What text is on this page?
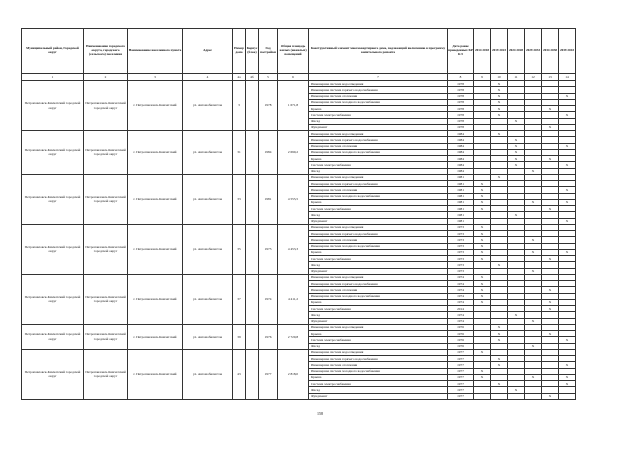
Муниципальный район, Городской округ	Наименование городского округа, городского (сельского) поселения	Наименование населенного пункта	Адрес	Номер дома	Корпус (блок)	Год постройки	Общая площадь жилых (нежилых) помещений	Конструктивный элемент многоквартирного дома, подлежащий включению в программу капитального ремонта	Дата ранее проведенных КР КЭ	2014 2018	2019 2023	2024 2028	2029 2033	2034 2038	2039 2043
1	2	3	4	4а	4б	5	6	7	8	9	10	11	12	13	14
Петропавловск-Камчатский городской округ	Петропавловск-Камчатский городской округ	г. Петропавловск-Камчатский	ул. Автомобилистов	3		1978	1 671,8	Инженерная система водоотведения	1978		X				
								Инженерная система горячего водоснабжения	1978		X				
								Инженерная система отопления	1978		X				X
								Инженерная система холодного водоснабжения	1978		X				
								Крыша	1978		X			X	
								Система электроснабжения	1978		X				X
								Фасад	1978			X			
								Фундамент	1978					X	
Петропавловск-Камчатский городской округ	Петропавловск-Камчатский городской округ	г. Петропавловск-Камчатский	ул. Автомобилистов	31		1984	2 690,2	Инженерная система водоотведения	1984		X				
								Инженерная система горячего водоснабжения	1984			X			
								Инженерная система отопления	1984			X			X
								Инженерная система холодного водоснабжения	1984			X			
								Крыша	1984			X		X	
								Система электроснабжения	1984			X			X
								Фасад	1984				X		
Петропавловск-Камчатский городской округ	Петропавловск-Камчатский городской округ	г. Петропавловск-Камчатский	ул. Автомобилистов	33		1981	4 555,5	Инженерная система водоотведения	1981		X				
								Инженерная система горячего водоснабжения	1981	X					
								Инженерная система отопления	1981	X					X
								Инженерная система холодного водоснабжения	1981	X					
								Крыша	1981	X			X		X
								Система электроснабжения	1981	X				X	
								Фасад	1981			X			
								Фундамент	1981						X
Петропавловск-Камчатский городской округ	Петропавловск-Камчатский городской округ	г. Петропавловск-Камчатский	ул. Автомобилистов	35		1973	4 453,3	Инженерная система водоотведения	1973	X					
								Инженерная система горячего водоснабжения	1973	X					
								Инженерная система отопления	1973	X			X		
								Инженерная система холодного водоснабжения	1973	X					
								Крыша	1973	X			X		X
								Система электроснабжения	1973	X				X	
								Фасад	1973		X				
								Фундамент	1973				X		
Петропавловск-Камчатский городской округ	Петропавловск-Камчатский городской округ	г. Петропавловск-Камчатский	ул. Автомобилистов	37		1974	4 411,2	Инженерная система водоотведения	1974	X					
								Инженерная система горячего водоснабжения	1974	X					
								Инженерная система отопления	1974	X				X	
								Инженерная система холодного водоснабжения	1974	X					
								Крыша	1974	X				X	
								Система электроснабжения	2014					X	
								Фасад	1974			X			
								Фундамент	1974				X		
Петропавловск-Камчатский городской округ	Петропавловск-Камчатский городской округ	г. Петропавловск-Камчатский	ул. Автомобилистов	39		1976	2 720,8	Инженерная система водоотведения	1976		X				
								Крыша	1976		X			X	
								Система электроснабжения	1976		X				X
								Фасад	1976				X		
Петропавловск-Камчатский городской округ	Петропавловск-Камчатский городской округ	г. Петропавловск-Камчатский	ул. Автомобилистов	43		1977	2 818,0	Инженерная система водоотведения	1977	X					
								Инженерная система горячего водоснабжения	1977		X				
								Инженерная система отопления	1977		X				X
								Инженерная система холодного водоснабжения	1977	X					
								Крыша	1977	X			X		X
								Система электроснабжения	1977		X				X
								Фасад	1977			X			
								Фундамент	1977					X	
158
